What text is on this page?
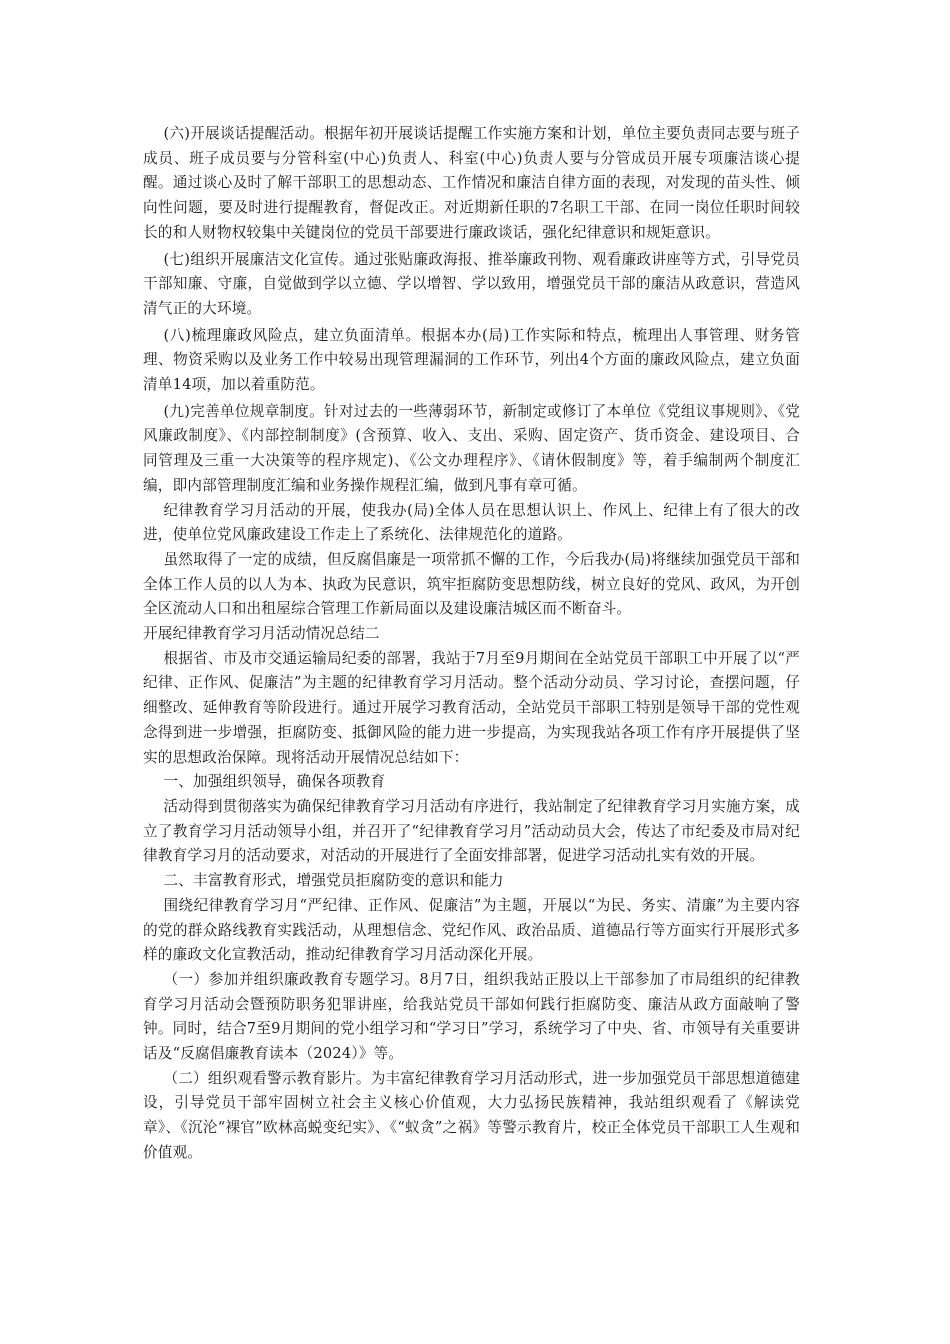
(六)开展谈话提醒活动。根据年初开展谈话提醒工作实施方案和计划，单位主要负责同志要与班子成员、班子成员要与分管科室(中心)负责人、科室(中心)负责人要与分管成员开展专项廉洁谈心提醒。通过谈心及时了解干部职工的思想动态、工作情况和廉洁自律方面的表现，对发现的苗头性、倾向性问题，要及时进行提醒教育，督促改正。对近期新任职的7名职工干部、在同一岗位任职时间较长的和人财物权较集中关键岗位的党员干部要进行廉政谈话，强化纪律意识和规矩意识。

(七)组织开展廉洁文化宣传。通过张贴廉政海报、推举廉政刊物、观看廉政讲座等方式，引导党员干部知廉、守廉，自觉做到学以立德、学以增智、学以致用，增强党员干部的廉洁从政意识，营造风清气正的大环境。

(八)梳理廉政风险点，建立负面清单。根据本办(局)工作实际和特点，梳理出人事管理、财务管理、物资采购以及业务工作中较易出现管理漏洞的工作环节，列出4个方面的廉政风险点，建立负面清单14项，加以着重防范。

(九)完善单位规章制度。针对过去的一些薄弱环节，新制定或修订了本单位《党组议事规则》、《党风廉政制度》、《内部控制制度》(含预算、收入、支出、采购、固定资产、货币资金、建设项目、合同管理及三重一大决策等的程序规定)、《公文办理程序》、《请休假制度》等，着手编制两个制度汇编，即内部管理制度汇编和业务操作规程汇编，做到凡事有章可循。

纪律教育学习月活动的开展，使我办(局)全体人员在思想认识上、作风上、纪律上有了很大的改进，使单位党风廉政建设工作走上了系统化、法律规范化的道路。

虽然取得了一定的成绩，但反腐倡廉是一项常抓不懈的工作，今后我办(局)将继续加强党员干部和全体工作人员的以人为本、执政为民意识，筑牢拒腐防变思想防线，树立良好的党风、政风，为开创全区流动人口和出租屋综合管理工作新局面以及建设廉洁城区而不断奋斗。

开展纪律教育学习月活动情况总结二

根据省、市及市交通运输局纪委的部署，我站于7月至9月期间在全站党员干部职工中开展了以“严纪律、正作风、促廉洁”为主题的纪律教育学习月活动。整个活动分动员、学习讨论，查摆问题，仔细整改、延伸教育等阶段进行。通过开展学习教育活动，全站党员干部职工特别是领导干部的党性观念得到进一步增强，拒腐防变、抵御风险的能力进一步提高，为实现我站各项工作有序开展提供了坚实的思想政治保障。现将活动开展情况总结如下：

一、加强组织领导，确保各项教育

活动得到贯彻落实为确保纪律教育学习月活动有序进行，我站制定了纪律教育学习月实施方案，成立了教育学习月活动领导小组，并召开了“纪律教育学习月”活动动员大会，传达了市纪委及市局对纪律教育学习月的活动要求，对活动的开展进行了全面安排部署，促进学习活动扎实有效的开展。

二、丰富教育形式，增强党员拒腐防变的意识和能力

围绕纪律教育学习月“严纪律、正作风、促廉洁”为主题，开展以“为民、务实、清廉”为主要内容的党的群众路线教育实践活动，从理想信念、党纪作风、政治品质、道德品行等方面实行开展形式多样的廉政文化宣教活动，推动纪律教育学习月活动深化开展。

（一）参加并组织廉政教育专题学习。8月7日，组织我站正股以上干部参加了市局组织的纪律教育学习月活动会暨预防职务犯罪讲座，给我站党员干部如何践行拒腐防变、廉洁从政方面敲响了警钟。同时，结合7至9月期间的党小组学习和“学习日”学习，系统学习了中央、省、市领导有关重要讲话及“反腐倡廉教育读本（2024）》等。

（二）组织观看警示教育影片。为丰富纪律教育学习月活动形式，进一步加强党员干部思想道德建设，引导党员干部牢固树立社会主义核心价值观，大力弘扬民族精神，我站组织观看了《解读党章》、《沉沦“裸官”欧林高蜕变纪实》、《“蚁贪”之祸》等警示教育片，校正全体党员干部职工人生观和价值观。
